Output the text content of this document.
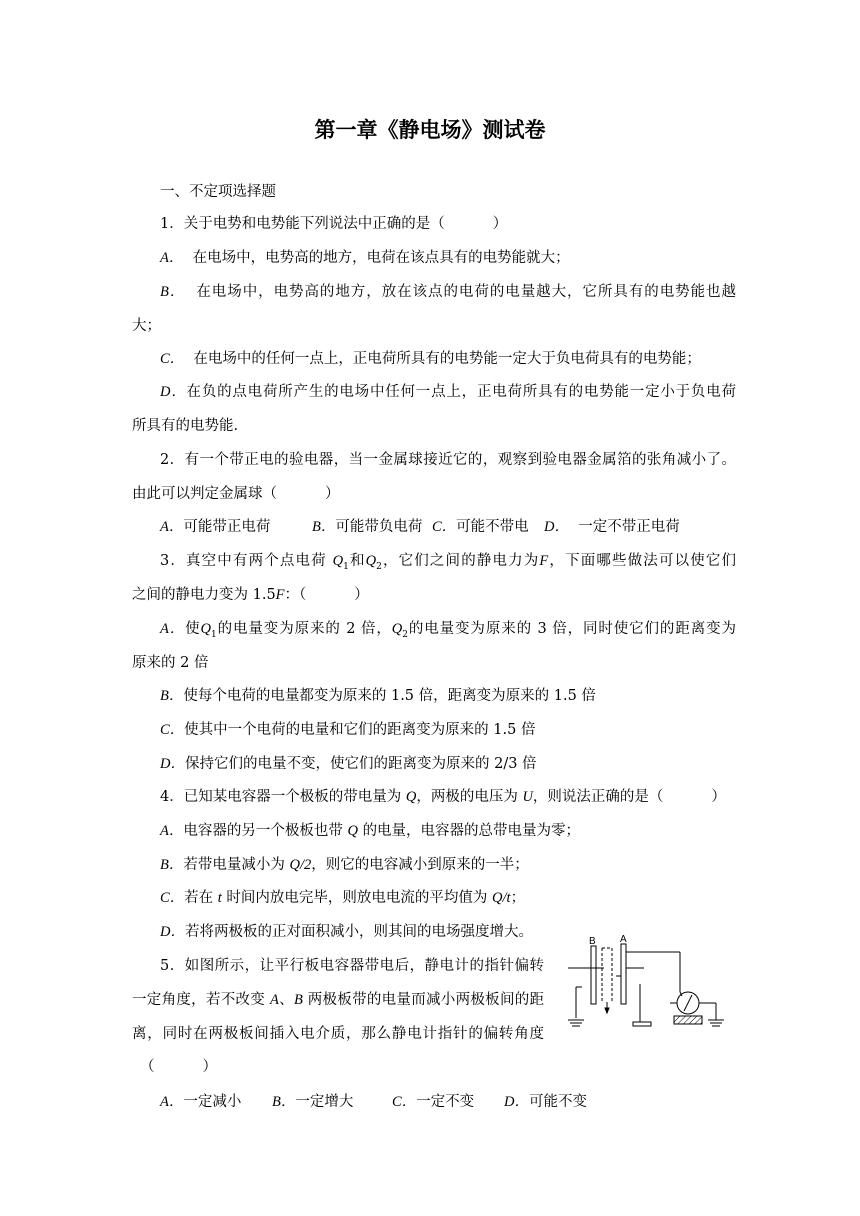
第一章《静电场》测试卷
一、不定项选择题
1．关于电势和电势能下列说法中正确的是（	）
A． 在电场中，电势高的地方，电荷在该点具有的电势能就大；
B． 在电场中，电势高的地方，放在该点的电荷的电量越大，它所具有的电势能也越
大；
C． 在电场中的任何一点上，正电荷所具有的电势能一定大于负电荷具有的电势能；
D．在负的点电荷所产生的电场中任何一点上，正电荷所具有的电势能一定小于负电荷
所具有的电势能.
2．有一个带正电的验电器，当一金属球接近它的，观察到验电器金属箔的张角减小了。
由此可以判定金属球（	）
A．可能带正电荷	B．可能带负电荷 C．可能不带电 D． 一定不带正电荷
3．真空中有两个点电荷 $Q_1$和$Q_2$，它们之间的静电力为F，下面哪些做法可以使它们
之间的静电力变为 1.5F：（	）
A．使$Q_1$的电量变为原来的 2 倍，$Q_2$的电量变为原来的 3 倍，同时使它们的距离变为
原来的 2 倍
B．使每个电荷的电量都变为原来的 1.5 倍，距离变为原来的 1.5 倍
C．使其中一个电荷的电量和它们的距离变为原来的 1.5 倍
D．保持它们的电量不变，使它们的距离变为原来的 2/3 倍
4．已知某电容器一个极板的带电量为 Q，两极的电压为 U，则说法正确的是（	）
A．电容器的另一个极板也带 Q 的电量，电容器的总带电量为零；
B．若带电量减小为 Q/2，则它的电容减小到原来的一半；
C．若在 t 时间内放电完毕，则放电电流的平均值为 Q/t；
D．若将两极板的正对面积减小，则其间的电场强度增大。
5．如图所示，让平行板电容器带电后，静电计的指针偏转
一定角度，若不改变 A、B 两极板带的电量而减小两极板间的距
离，同时在两极板间插入电介质，那么静电计指针的偏转角度
（	）
A．一定减小 B．一定增大	C．一定不变 D．可能不变
B A
